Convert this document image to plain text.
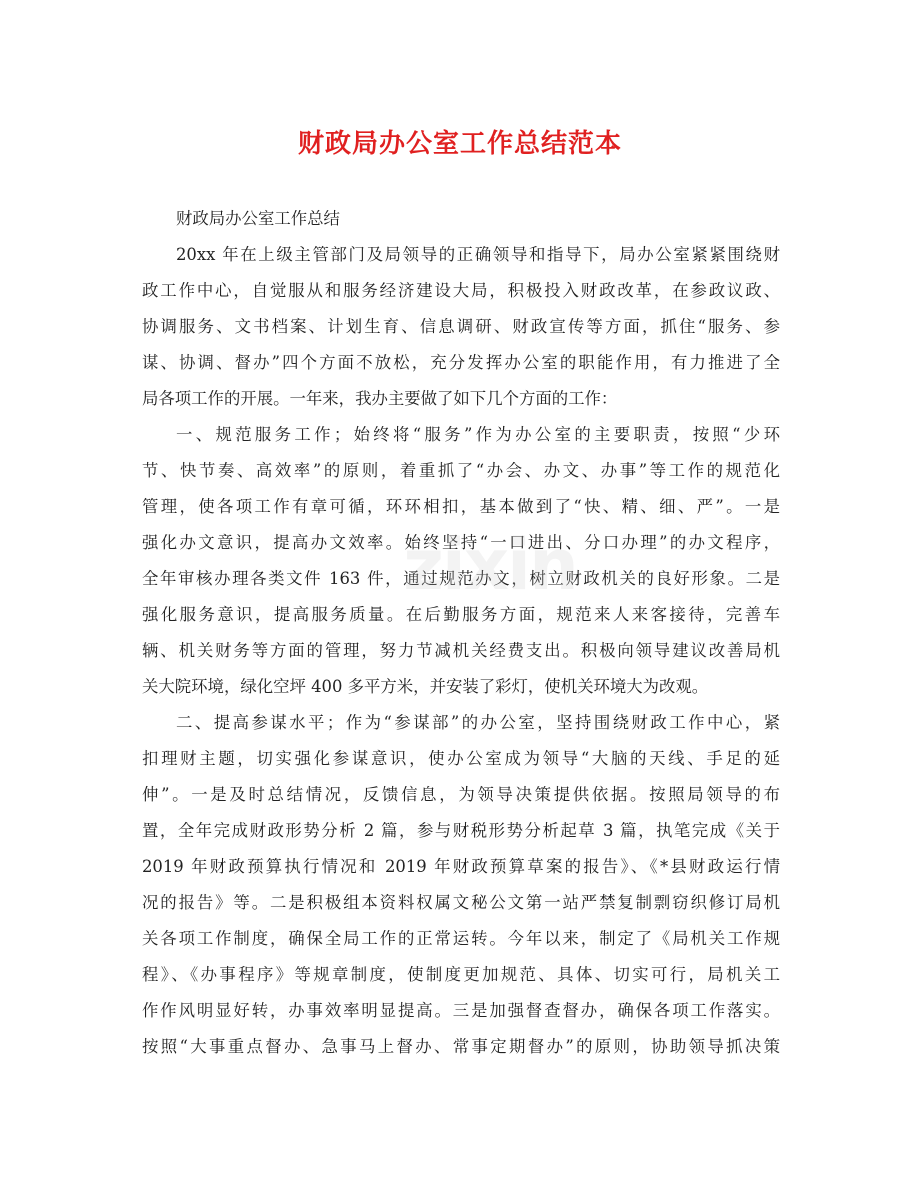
财政局办公室工作总结范本
财政局办公室工作总结
20xx 年在上级主管部门及局领导的正确领导和指导下，局办公室紧紧围绕财
政工作中心，自觉服从和服务经济建设大局，积极投入财政改革，在参政议政、
协调服务、文书档案、计划生育、信息调研、财政宣传等方面，抓住“服务、参
谋、协调、督办”四个方面不放松，充分发挥办公室的职能作用，有力推进了全
局各项工作的开展。一年来，我办主要做了如下几个方面的工作：
一、规范服务工作；始终将“服务”作为办公室的主要职责，按照“少环
节、快节奏、高效率”的原则，着重抓了“办会、办文、办事”等工作的规范化
管理，使各项工作有章可循，环环相扣，基本做到了“快、精、细、严”。一是
强化办文意识，提高办文效率。始终坚持“一口进出、分口办理”的办文程序，
全年审核办理各类文件 163 件，通过规范办文，树立财政机关的良好形象。二是
强化服务意识，提高服务质量。在后勤服务方面，规范来人来客接待，完善车
辆、机关财务等方面的管理，努力节减机关经费支出。积极向领导建议改善局机
关大院环境，绿化空坪 400 多平方米，并安装了彩灯，使机关环境大为改观。
二、提高参谋水平；作为“参谋部”的办公室，坚持围绕财政工作中心，紧
扣理财主题，切实强化参谋意识，使办公室成为领导“大脑的天线、手足的延
伸”。一是及时总结情况，反馈信息，为领导决策提供依据。按照局领导的布
置，全年完成财政形势分析 2 篇，参与财税形势分析起草 3 篇，执笔完成《关于
2019 年财政预算执行情况和 2019 年财政预算草案的报告》、《*县财政运行情
况的报告》等。二是积极组本资料权属文秘公文第一站严禁复制剽窃织修订局机
关各项工作制度，确保全局工作的正常运转。今年以来，制定了《局机关工作规
程》、《办事程序》等规章制度，使制度更加规范、具体、切实可行，局机关工
作作风明显好转，办事效率明显提高。三是加强督查督办，确保各项工作落实。
按照“大事重点督办、急事马上督办、常事定期督办”的原则，协助领导抓决策
zixin
